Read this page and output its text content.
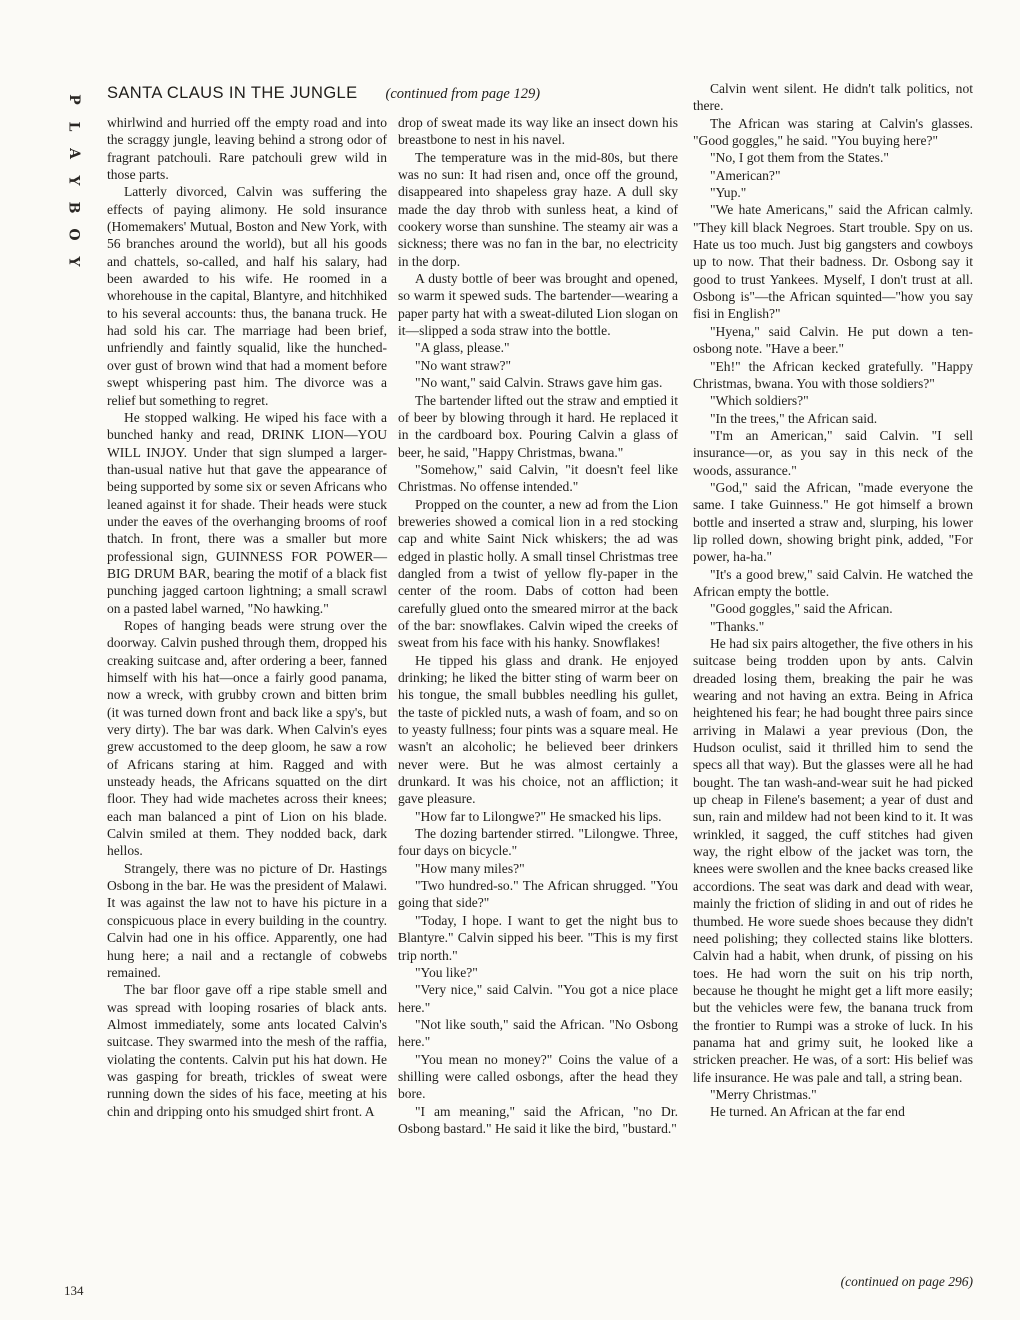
P
L
A
Y
B
O
Y
SANTA CLAUS IN THE JUNGLE (continued from page 129)

whirlwind and hurried off the empty road and into the scraggy jungle, leaving behind a strong odor of fragrant patchouli. Rare patchouli grew wild in those parts.

Latterly divorced, Calvin was suffering the effects of paying alimony. He sold insurance (Homemakers' Mutual, Boston and New York, with 56 branches around the world), but all his goods and chattels, so-called, and half his salary, had been awarded to his wife. He roomed in a whorehouse in the capital, Blantyre, and hitchhiked to his several accounts: thus, the banana truck. He had sold his car. The marriage had been brief, unfriendly and faintly squalid, like the hunched-over gust of brown wind that had a moment before swept whispering past him. The divorce was a relief but something to regret.

He stopped walking. He wiped his face with a bunched hanky and read, DRINK LION—YOU WILL INJOY. Under that sign slumped a larger-than-usual native hut that gave the appearance of being supported by some six or seven Africans who leaned against it for shade. Their heads were stuck under the eaves of the overhanging brooms of roof thatch. In front, there was a smaller but more professional sign, GUINNESS FOR POWER—BIG DRUM BAR, bearing the motif of a black fist punching jagged cartoon lightning; a small scrawl on a pasted label warned, "No hawking."

Ropes of hanging beads were strung over the doorway. Calvin pushed through them, dropped his creaking suitcase and, after ordering a beer, fanned himself with his hat—once a fairly good panama, now a wreck, with grubby crown and bitten brim (it was turned down front and back like a spy's, but very dirty). The bar was dark. When Calvin's eyes grew accustomed to the deep gloom, he saw a row of Africans staring at him. Ragged and with unsteady heads, the Africans squatted on the dirt floor. They had wide machetes across their knees; each man balanced a pint of Lion on his blade. Calvin smiled at them. They nodded back, dark hellos.

Strangely, there was no picture of Dr. Hastings Osbong in the bar. He was the president of Malawi. It was against the law not to have his picture in a conspicuous place in every building in the country. Calvin had one in his office. Apparently, one had hung here; a nail and a rectangle of cobwebs remained.

The bar floor gave off a ripe stable smell and was spread with looping rosaries of black ants. Almost immediately, some ants located Calvin's suitcase. They swarmed into the mesh of the raffia, violating the contents. Calvin put his hat down. He was gasping for breath, trickles of sweat were running down the sides of his face, meeting at his chin and dripping onto his smudged shirt front. A

drop of sweat made its way like an insect down his breastbone to nest in his navel.

The temperature was in the mid-80s, but there was no sun: It had risen and, once off the ground, disappeared into shapeless gray haze. A dull sky made the day throb with sunless heat, a kind of cookery worse than sunshine. The steamy air was a sickness; there was no fan in the bar, no electricity in the dorp.

A dusty bottle of beer was brought and opened, so warm it spewed suds. The bartender—wearing a paper party hat with a sweat-diluted Lion slogan on it—slipped a soda straw into the bottle.

"A glass, please."

"No want straw?"

"No want," said Calvin. Straws gave him gas.

The bartender lifted out the straw and emptied it of beer by blowing through it hard. He replaced it in the cardboard box. Pouring Calvin a glass of beer, he said, "Happy Christmas, bwana."

"Somehow," said Calvin, "it doesn't feel like Christmas. No offense intended."

Propped on the counter, a new ad from the Lion breweries showed a comical lion in a red stocking cap and white Saint Nick whiskers; the ad was edged in plastic holly. A small tinsel Christmas tree dangled from a twist of yellow fly-paper in the center of the room. Dabs of cotton had been carefully glued onto the smeared mirror at the back of the bar: snowflakes. Calvin wiped the creeks of sweat from his face with his hanky. Snowflakes!

He tipped his glass and drank. He enjoyed drinking; he liked the bitter sting of warm beer on his tongue, the small bubbles needling his gullet, the taste of pickled nuts, a wash of foam, and so on to yeasty fullness; four pints was a square meal. He wasn't an alcoholic; he believed beer drinkers never were. But he was almost certainly a drunkard. It was his choice, not an affliction; it gave pleasure.

"How far to Lilongwe?" He smacked his lips.

The dozing bartender stirred. "Lilongwe. Three, four days on bicycle."

"How many miles?"

"Two hundred-so." The African shrugged. "You going that side?"

"Today, I hope. I want to get the night bus to Blantyre." Calvin sipped his beer. "This is my first trip north."

"You like?"

"Very nice," said Calvin. "You got a nice place here."

"Not like south," said the African. "No Osbong here."

"You mean no money?" Coins the value of a shilling were called osbongs, after the head they bore.

"I am meaning," said the African, "no Dr. Osbong bastard." He said it like the bird, "bustard."

Calvin went silent. He didn't talk politics, not there.

The African was staring at Calvin's glasses. "Good goggles," he said. "You buying here?"

"No, I got them from the States."

"American?"

"Yup."

"We hate Americans," said the African calmly. "They kill black Negroes. Start trouble. Spy on us. Hate us too much. Just big gangsters and cowboys up to now. That their badness. Dr. Osbong say it good to trust Yankees. Myself, I don't trust at all. Osbong is"—the African squinted—"how you say fisi in English?"

"Hyena," said Calvin. He put down a ten-osbong note. "Have a beer."

"Eh!" the African kecked gratefully. "Happy Christmas, bwana. You with those soldiers?"

"Which soldiers?"

"In the trees," the African said.

"I'm an American," said Calvin. "I sell insurance—or, as you say in this neck of the woods, assurance."

"God," said the African, "made everyone the same. I take Guinness." He got himself a brown bottle and inserted a straw and, slurping, his lower lip rolled down, showing bright pink, added, "For power, ha-ha."

"It's a good brew," said Calvin. He watched the African empty the bottle.

"Good goggles," said the African.

"Thanks."

He had six pairs altogether, the five others in his suitcase being trodden upon by ants. Calvin dreaded losing them, breaking the pair he was wearing and not having an extra. Being in Africa heightened his fear; he had bought three pairs since arriving in Malawi a year previous (Don, the Hudson oculist, said it thrilled him to send the specs all that way). But the glasses were all he had bought. The tan wash-and-wear suit he had picked up cheap in Filene's basement; a year of dust and sun, rain and mildew had not been kind to it. It was wrinkled, it sagged, the cuff stitches had given way, the right elbow of the jacket was torn, the knees were swollen and the knee backs creased like accordions. The seat was dark and dead with wear, mainly the friction of sliding in and out of rides he thumbed. He wore suede shoes because they didn't need polishing; they collected stains like blotters. Calvin had a habit, when drunk, of pissing on his toes. He had worn the suit on his trip north, because he thought he might get a lift more easily; but the vehicles were few, the banana truck from the frontier to Rumpi was a stroke of luck. In his panama hat and grimy suit, he looked like a stricken preacher. He was, of a sort: His belief was life insurance. He was pale and tall, a string bean.

"Merry Christmas."

He turned. An African at the far end

(continued on page 296)
134
